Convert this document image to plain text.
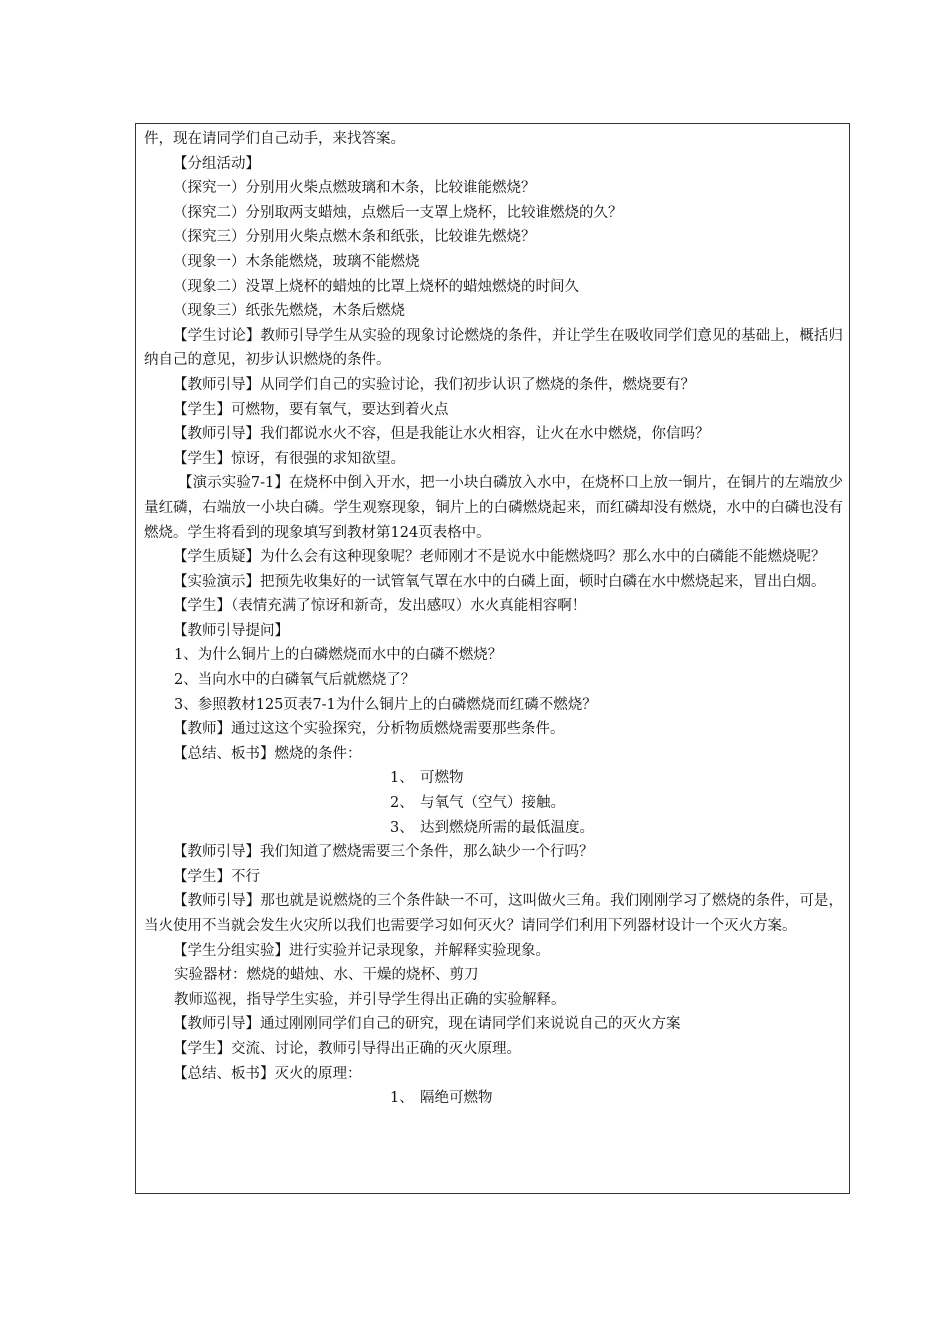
件，现在请同学们自己动手，来找答案。
【分组活动】
（探究一）分别用火柴点燃玻璃和木条，比较谁能燃烧？
（探究二）分别取两支蜡烛，点燃后一支罩上烧杯，比较谁燃烧的久？
（探究三）分别用火柴点燃木条和纸张，比较谁先燃烧？
（现象一）木条能燃烧，玻璃不能燃烧
（现象二）没罩上烧杯的蜡烛的比罩上烧杯的蜡烛燃烧的时间久
（现象三）纸张先燃烧，木条后燃烧
【学生讨论】教师引导学生从实验的现象讨论燃烧的条件，并让学生在吸收同学们意见的基础上，概括归纳自己的意见，初步认识燃烧的条件。
【教师引导】从同学们自己的实验讨论，我们初步认识了燃烧的条件，燃烧要有？
【学生】可燃物，要有氧气，要达到着火点
【教师引导】我们都说水火不容，但是我能让水火相容，让火在水中燃烧，你信吗？
【学生】惊讶，有很强的求知欲望。
【演示实验7-1】在烧杯中倒入开水，把一小块白磷放入水中，在烧杯口上放一铜片，在铜片的左端放少量红磷，右端放一小块白磷。学生观察现象，铜片上的白磷燃烧起来，而红磷却没有燃烧，水中的白磷也没有燃烧。学生将看到的现象填写到教材第124页表格中。
【学生质疑】为什么会有这种现象呢？老师刚才不是说水中能燃烧吗？那么水中的白磷能不能燃烧呢？
【实验演示】把预先收集好的一试管氧气罩在水中的白磷上面，顿时白磷在水中燃烧起来，冒出白烟。
【学生】（表情充满了惊讶和新奇，发出感叹）水火真能相容啊！
【教师引导提问】
1、为什么铜片上的白磷燃烧而水中的白磷不燃烧？
2、当向水中的白磷氧气后就燃烧了？
3、参照教材125页表7-1为什么铜片上的白磷燃烧而红磷不燃烧？
【教师】通过这这个实验探究，分析物质燃烧需要那些条件。
【总结、板书】燃烧的条件：
1、 可燃物
2、 与氧气（空气）接触。
3、 达到燃烧所需的最低温度。
【教师引导】我们知道了燃烧需要三个条件，那么缺少一个行吗？
【学生】不行
【教师引导】那也就是说燃烧的三个条件缺一不可，这叫做火三角。我们刚刚学习了燃烧的条件，可是，当火使用不当就会发生火灾所以我们也需要学习如何灭火？请同学们利用下列器材设计一个灭火方案。
【学生分组实验】进行实验并记录现象，并解释实验现象。
实验器材：燃烧的蜡烛、水、干燥的烧杯、剪刀
教师巡视，指导学生实验，并引导学生得出正确的实验解释。
【教师引导】通过刚刚同学们自己的研究，现在请同学们来说说自己的灭火方案
【学生】交流、讨论，教师引导得出正确的灭火原理。
【总结、板书】灭火的原理：
1、 隔绝可燃物
